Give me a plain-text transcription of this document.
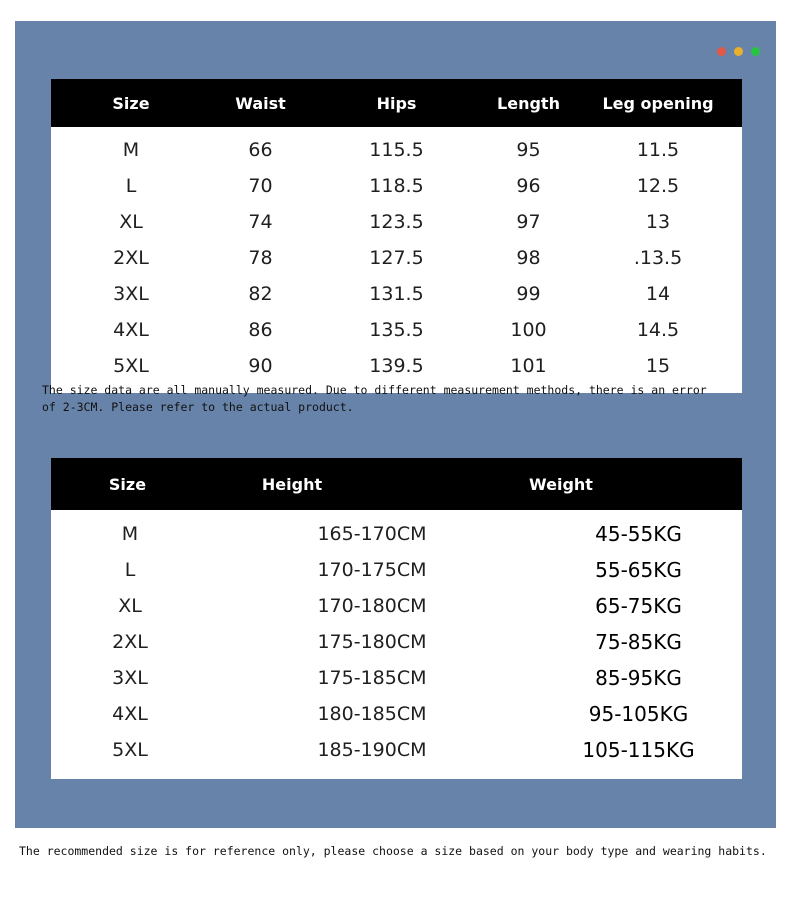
Size	Waist	Hips	Length	Leg opening
M	66	115.5	95	11.5
L	70	118.5	96	12.5
XL	74	123.5	97	13
2XL	78	127.5	98	.13.5
3XL	82	131.5	99	14
4XL	86	135.5	100	14.5
5XL	90	139.5	101	15
Size	Height	Weight
M	165-170CM	45-55KG
L	170-175CM	55-65KG
XL	170-180CM	65-75KG
2XL	175-180CM	75-85KG
3XL	175-185CM	85-95KG
4XL	180-185CM	95-105KG
5XL	185-190CM	105-115KG
The size data are all manually measured. Due to different measurement methods, there is an error of 2-3CM. Please refer to the actual product.
The recommended size is for reference only, please choose a size based on your body type and wearing habits.
